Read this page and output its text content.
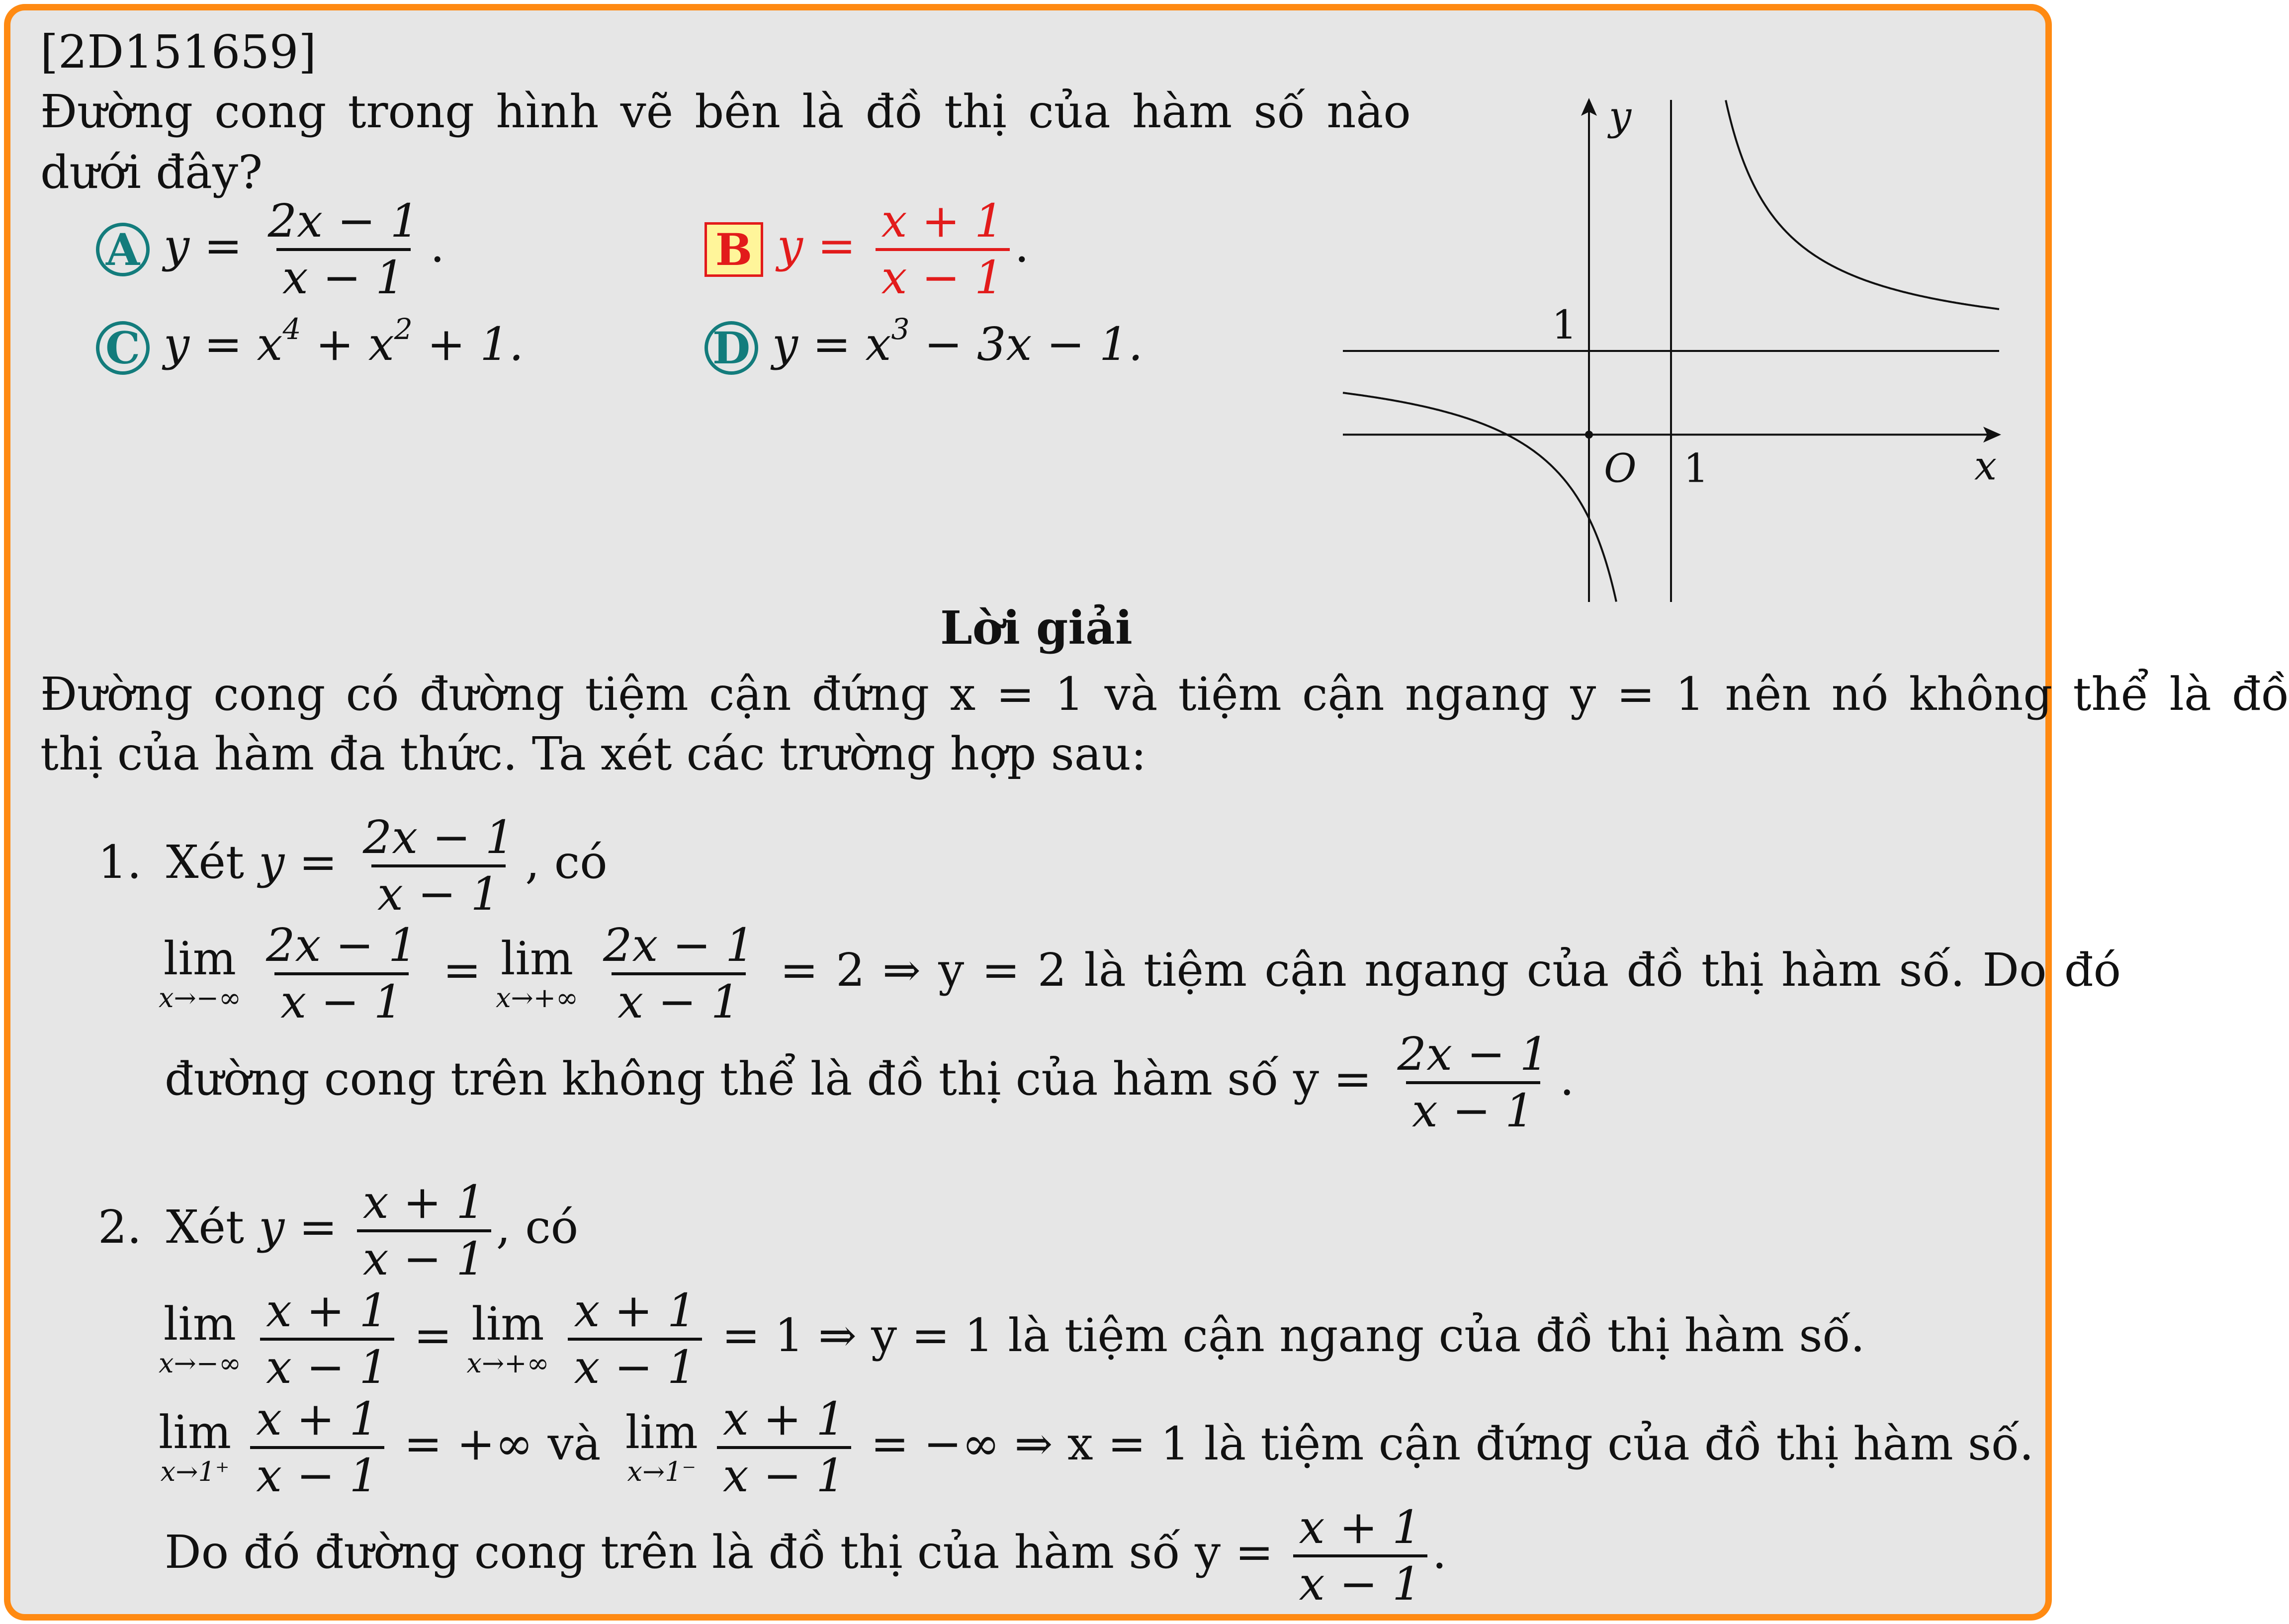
[2D151659]
Đường cong trong hình vẽ bên là đồ thị của hàm số nào
dưới đây?
A $y = \frac{2x - 1}{x - 1}$ .	B $y = \frac{x + 1}{x - 1}$ .
C $y = x^4 + x^2 + 1$.	D $y = x^3 - 3x - 1$.
y
x
O
1
1
Lời giải
Đường cong có đường tiệm cận đứng x = 1 và tiệm cận ngang y = 1 nên nó không thể là đồ
thị của hàm đa thức. Ta xét các trường hợp sau:
1. Xét $y = \frac{2x - 1}{x - 1}$ , có
lim
$x\to-\infty \frac{2x - 1}{x - 1} = \lim$
$x\to+\infty \frac{2x - 1}{x - 1} = 2$ ⇒ y = 2 là tiệm cận ngang của đồ thị hàm số. Do đó
đường cong trên không thể là đồ thị của hàm số $y = \frac{2x - 1}{x - 1}$ .
2. Xét $y = \frac{x + 1}{x - 1}$ , có
lim
$x\to-\infty \frac{x + 1}{x - 1} = \lim$
$x\to+\infty \frac{x + 1}{x - 1} = 1$ ⇒ y = 1 là tiệm cận ngang của đồ thị hàm số.
lim
$x\to 1^+ \frac{x + 1}{x - 1}$ = +∞ và lim
$x\to 1^- \frac{x + 1}{x - 1}$ = −∞ ⇒ x = 1 là tiệm cận đứng của đồ thị hàm số.
Do đó đường cong trên là đồ thị của hàm số $y = \frac{x + 1}{x - 1}$ .
